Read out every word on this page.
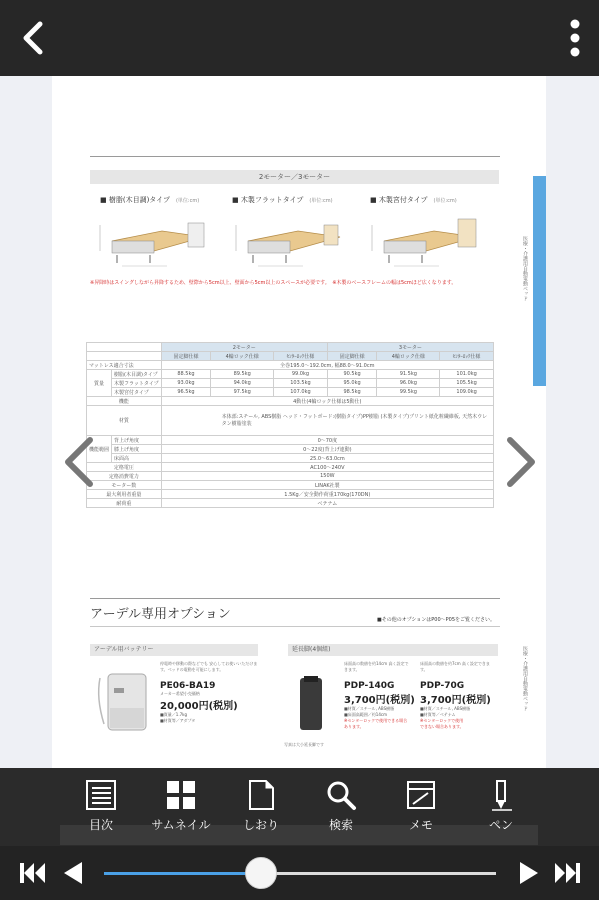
2モーター／3モーター
■ 樹脂(木目調)タイプ (単位:cm)	■ 木製フラットタイプ (単位:cm)	■ 木製宮付タイプ (単位:cm)
※昇降時はスイングしながら昇降するため、壁際から5cm以上、壁面から5cm以上のスペースが必要です。　※木製のベースフレームの幅は5cmほど広くなります。
		2モーター			3モーター		
		固定脚仕様	4輪ロック仕様	ｾﾝﾀｰﾛｯｸ仕様	固定脚仕様	4輪ロック仕様	ｾﾝﾀｰﾛｯｸ仕様
マットレス適合寸法		全巻195.0〜192.0cm, 幅88.0〜91.0cm					
質量	樹脂(木目調)タイプ	88.5kg	89.5kg	99.0kg	90.5kg	91.5kg	101.0kg
	木製フラットタイプ	93.0kg	94.0kg	103.5kg	95.0kg	96.0kg	105.5kg
	木製宮付タイプ	96.5kg	97.5kg	107.0kg	98.5kg	99.5kg	109.0kg
機能		4動仕(4輪ロック仕様は5動仕)					
材質		本体部:スチール, ABS樹脂 ヘッド・フットボード:(樹脂タイプ)PP樹脂 (木製タイプ)プリント紙化粧繊維板, 天然木ウレタン樹脂塗装					
機能範囲	背上げ角度	0〜70度					
	膝上げ角度	0〜22度(背上げ連動)					
	床面高	25.0〜63.0cm					
定格電圧		AC100〜240V					
定格消費電力		150W					
モーター数		LINAK社製					
最大利用者重量		1.5Kg／安全動作荷重170kg(170DN)					
耐荷重		ベテナム					
アーデル専用オプション	■その他のオプションはP00〜P05をご覧ください。
アーデル用バッテリー	延長脚(4個組)
停電時や移動の際などでも 安心してお使いいただけます。ベッドの電動を可能にします。
PE06-BA19
メーカー希望小売価格
20,000円(税別)
■質量／1.7kg
■材質等／アダプタ
写真は大小延長脚です
床面高の数値を約14cm 高く設定できます。
PDP-140G
3,700円(税別)
■材質／スチール, ABS樹脂
■床面高範囲／約14cm
※センターロックで使用できる場合
あります。
床面高の数値を約7cm 高く設定できます。
PDP-70G
3,700円(税別)
■材質／スチール, ABS樹脂
■材質等／ベテナム
※センターロックで使用
できない場合あります。
医療・介護用自動電動ベッド
医療・介護用自動電動ベッド
目次	サムネイル	しおり	検索	メモ	ペン
